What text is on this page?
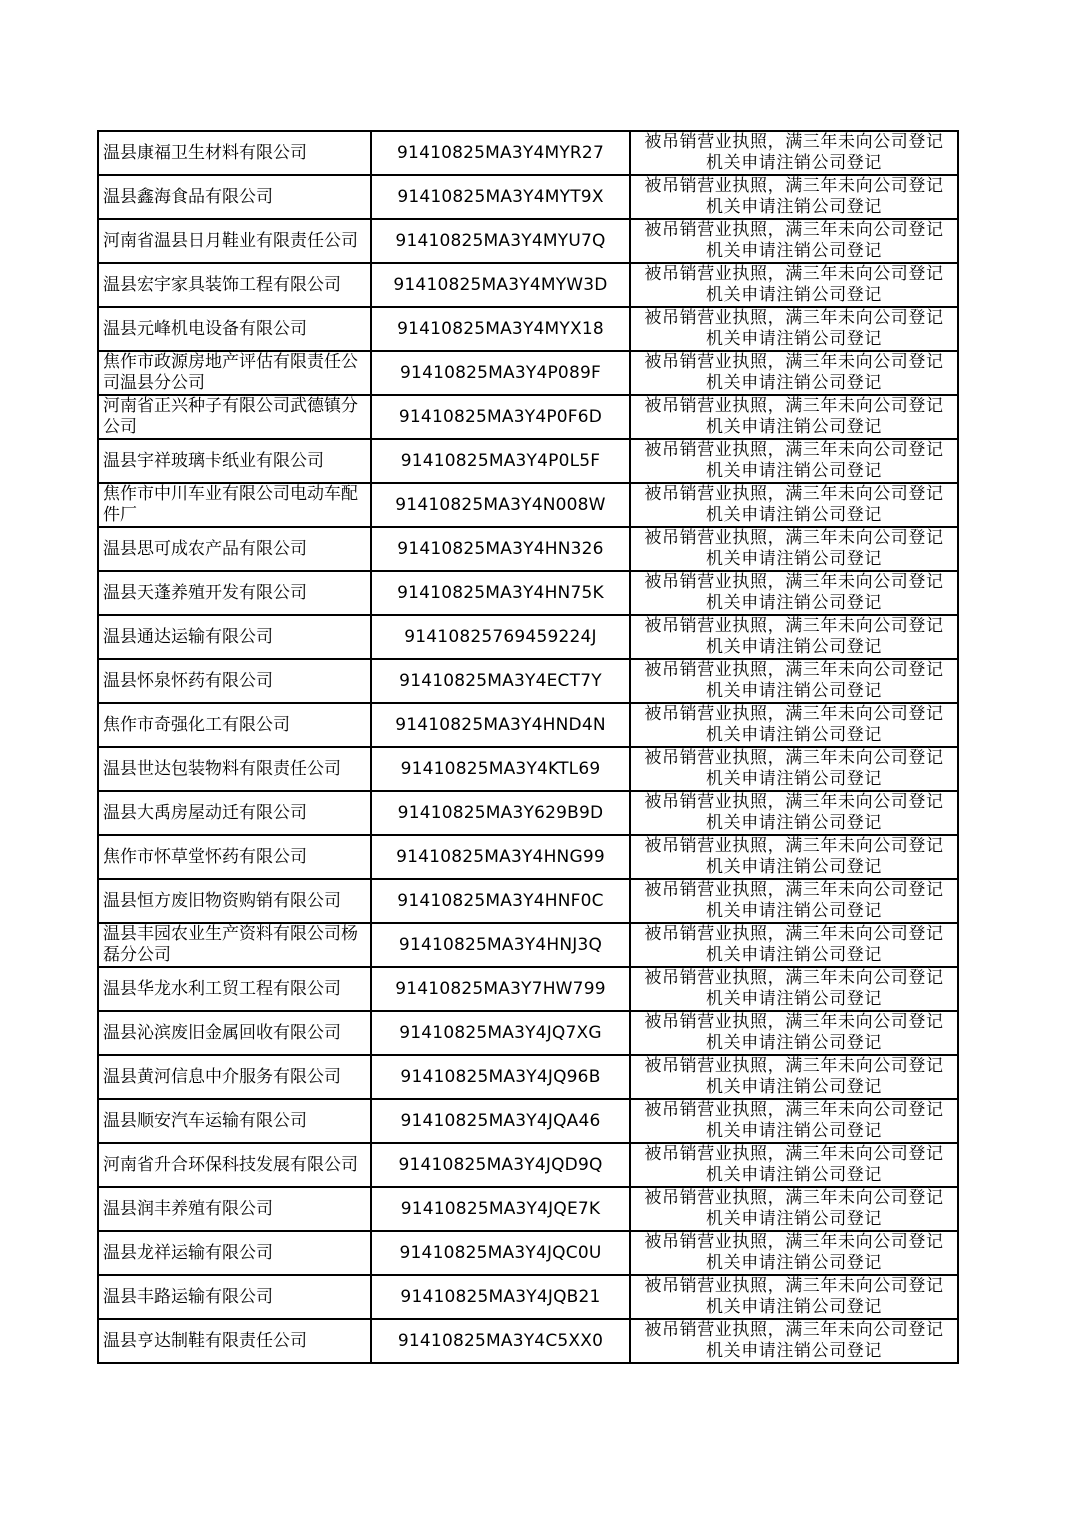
温县康福卫生材料有限公司	91410825MA3Y4MYR27	被吊销营业执照，满三年未向公司登记
机关申请注销公司登记

温县鑫海食品有限公司	91410825MA3Y4MYT9X	被吊销营业执照，满三年未向公司登记
机关申请注销公司登记

河南省温县日月鞋业有限责任公司	91410825MA3Y4MYU7Q	被吊销营业执照，满三年未向公司登记
机关申请注销公司登记

温县宏宇家具装饰工程有限公司	91410825MA3Y4MYW3D	被吊销营业执照，满三年未向公司登记
机关申请注销公司登记

温县元峰机电设备有限公司	91410825MA3Y4MYX18	被吊销营业执照，满三年未向公司登记
机关申请注销公司登记

焦作市政源房地产评估有限责任公司温县分公司	91410825MA3Y4P089F	被吊销营业执照，满三年未向公司登记
机关申请注销公司登记

河南省正兴种子有限公司武德镇分公司	91410825MA3Y4P0F6D	被吊销营业执照，满三年未向公司登记
机关申请注销公司登记

温县宇祥玻璃卡纸业有限公司	91410825MA3Y4P0L5F	被吊销营业执照，满三年未向公司登记
机关申请注销公司登记

焦作市中川车业有限公司电动车配件厂	91410825MA3Y4N008W	被吊销营业执照，满三年未向公司登记
机关申请注销公司登记

温县思可成农产品有限公司	91410825MA3Y4HN326	被吊销营业执照，满三年未向公司登记
机关申请注销公司登记

温县天蓬养殖开发有限公司	91410825MA3Y4HN75K	被吊销营业执照，满三年未向公司登记
机关申请注销公司登记

温县通达运输有限公司	91410825769459224J	被吊销营业执照，满三年未向公司登记
机关申请注销公司登记

温县怀泉怀药有限公司	91410825MA3Y4ECT7Y	被吊销营业执照，满三年未向公司登记
机关申请注销公司登记

焦作市奇强化工有限公司	91410825MA3Y4HND4N	被吊销营业执照，满三年未向公司登记
机关申请注销公司登记

温县世达包装物料有限责任公司	91410825MA3Y4KTL69	被吊销营业执照，满三年未向公司登记
机关申请注销公司登记

温县大禹房屋动迁有限公司	91410825MA3Y629B9D	被吊销营业执照，满三年未向公司登记
机关申请注销公司登记

焦作市怀草堂怀药有限公司	91410825MA3Y4HNG99	被吊销营业执照，满三年未向公司登记
机关申请注销公司登记

温县恒方废旧物资购销有限公司	91410825MA3Y4HNF0C	被吊销营业执照，满三年未向公司登记
机关申请注销公司登记

温县丰园农业生产资料有限公司杨磊分公司	91410825MA3Y4HNJ3Q	被吊销营业执照，满三年未向公司登记
机关申请注销公司登记

温县华龙水利工贸工程有限公司	91410825MA3Y7HW799	被吊销营业执照，满三年未向公司登记
机关申请注销公司登记

温县沁滨废旧金属回收有限公司	91410825MA3Y4JQ7XG	被吊销营业执照，满三年未向公司登记
机关申请注销公司登记

温县黄河信息中介服务有限公司	91410825MA3Y4JQ96B	被吊销营业执照，满三年未向公司登记
机关申请注销公司登记

温县顺安汽车运输有限公司	91410825MA3Y4JQA46	被吊销营业执照，满三年未向公司登记
机关申请注销公司登记

河南省升合环保科技发展有限公司	91410825MA3Y4JQD9Q	被吊销营业执照，满三年未向公司登记
机关申请注销公司登记

温县润丰养殖有限公司	91410825MA3Y4JQE7K	被吊销营业执照，满三年未向公司登记
机关申请注销公司登记

温县龙祥运输有限公司	91410825MA3Y4JQC0U	被吊销营业执照，满三年未向公司登记
机关申请注销公司登记

温县丰路运输有限公司	91410825MA3Y4JQB21	被吊销营业执照，满三年未向公司登记
机关申请注销公司登记

温县亨达制鞋有限责任公司	91410825MA3Y4C5XX0	被吊销营业执照，满三年未向公司登记
机关申请注销公司登记
